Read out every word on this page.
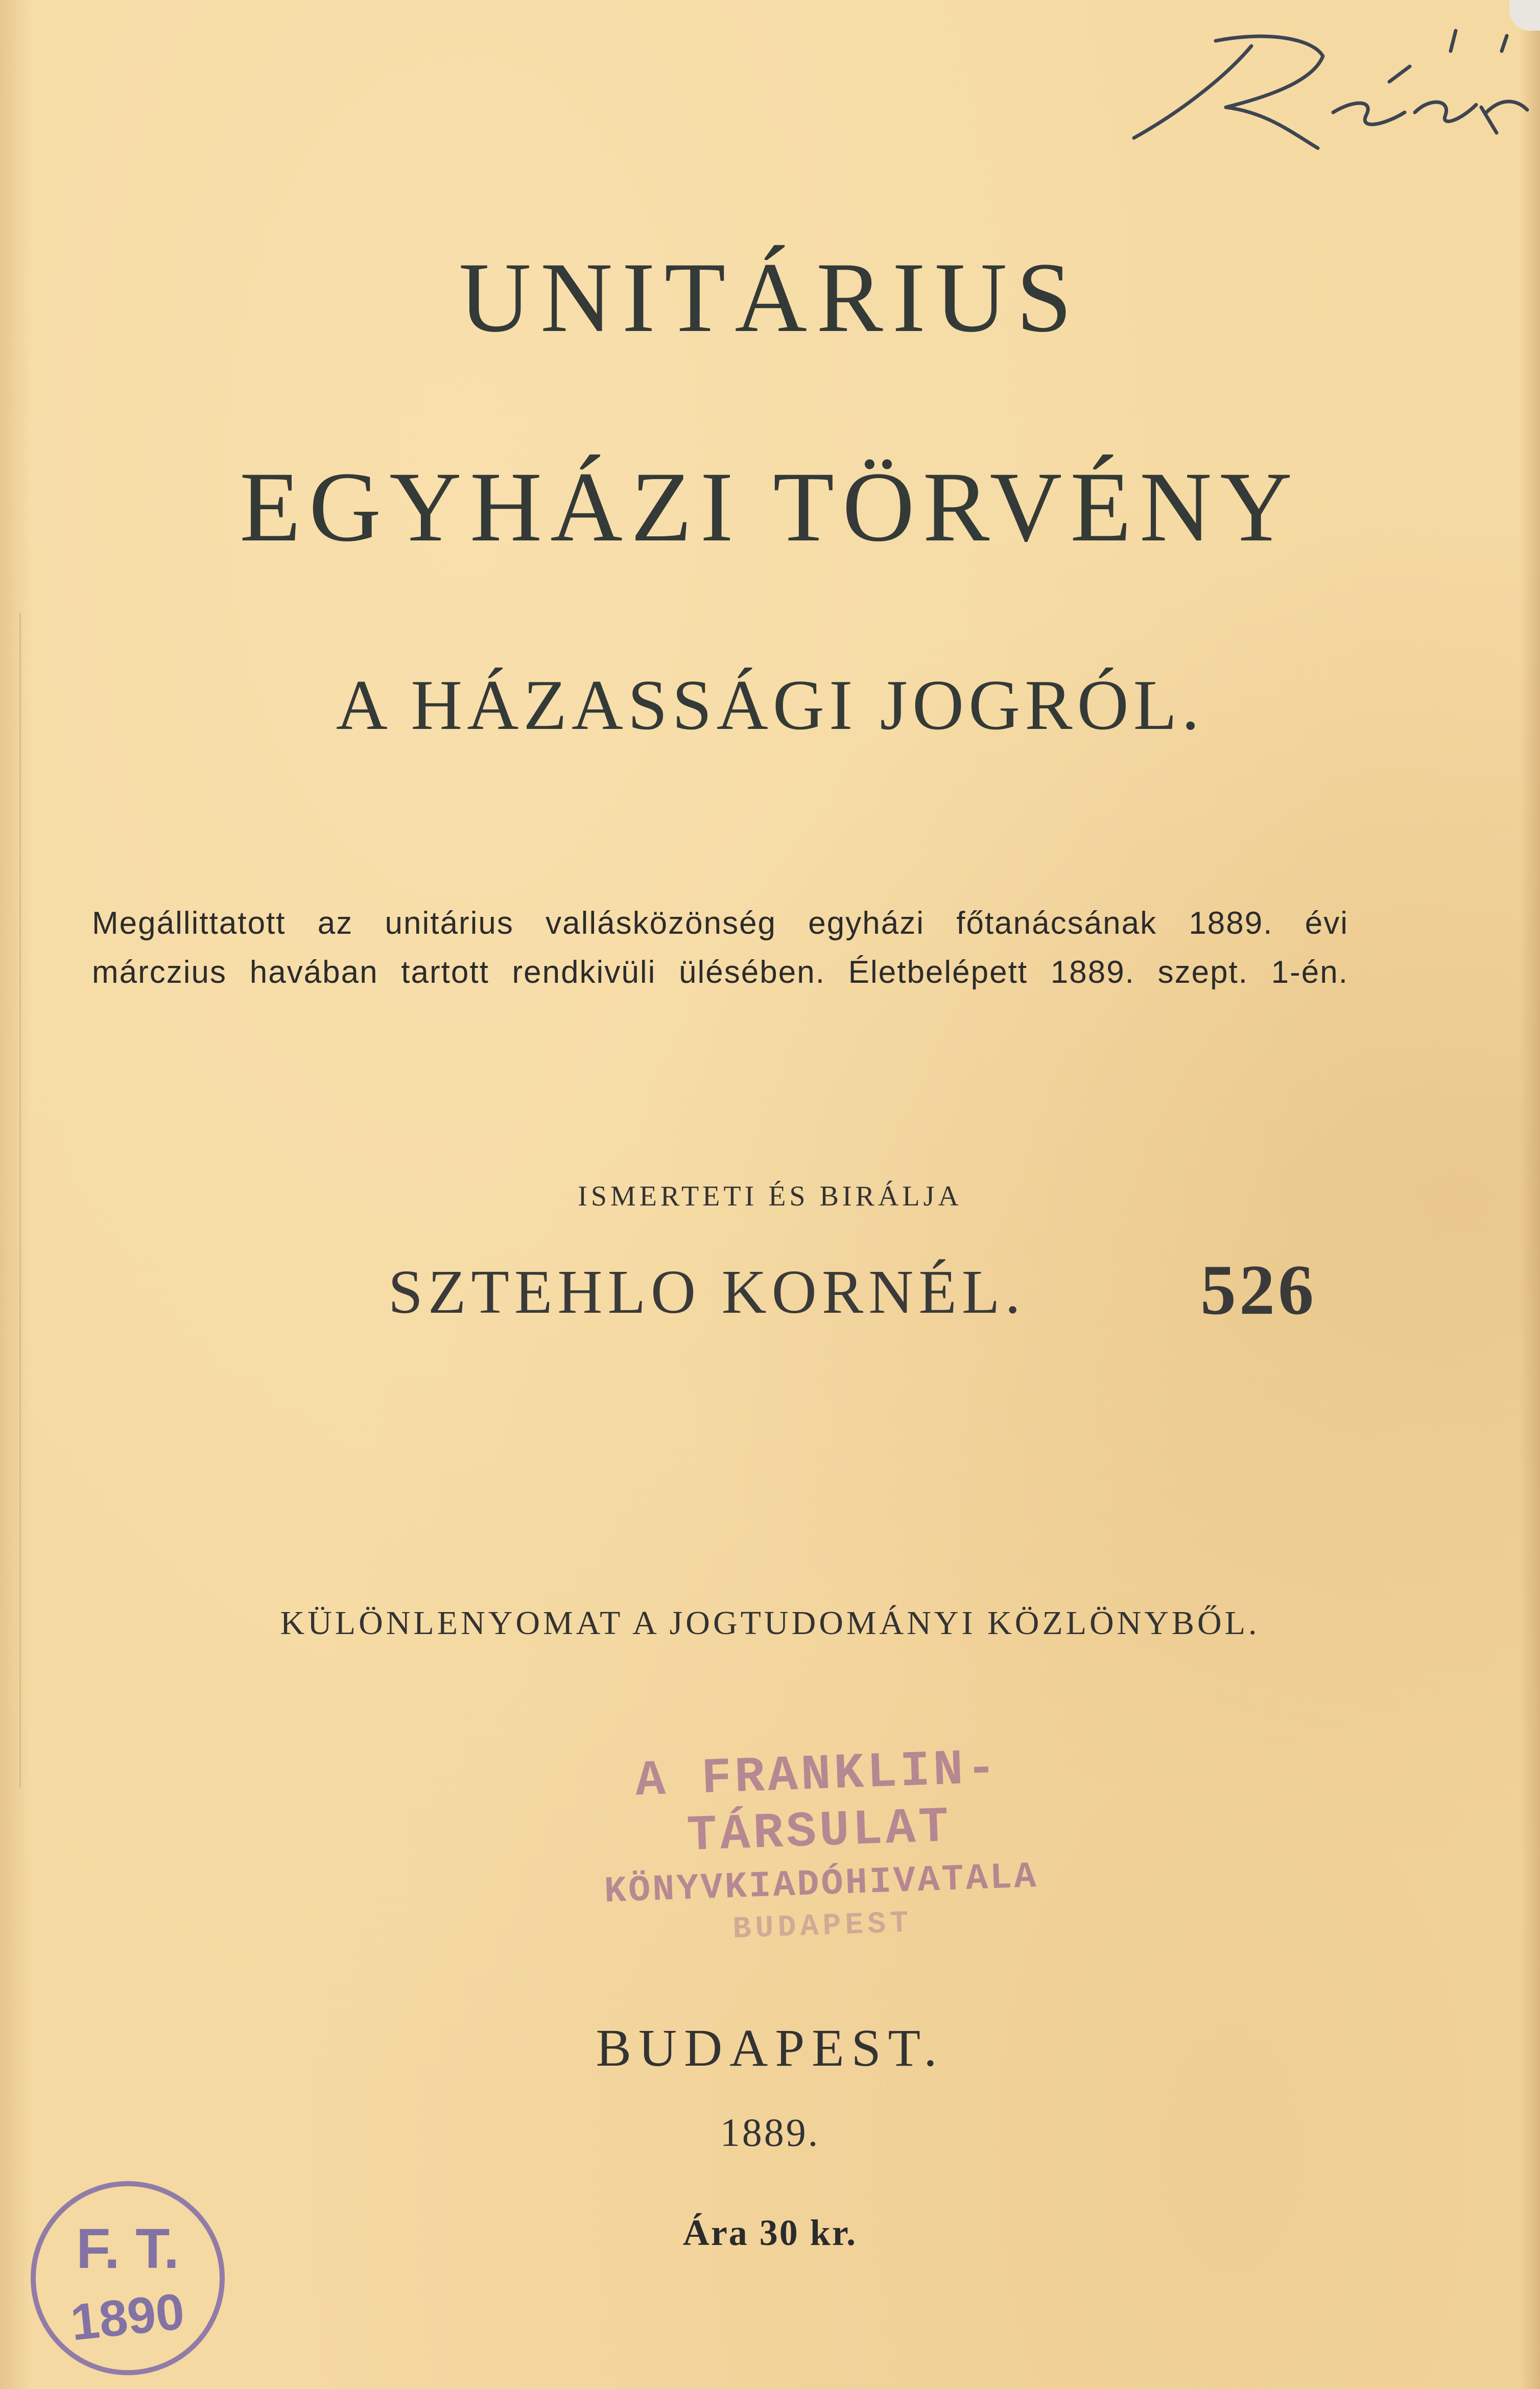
UNITÁRIUS
EGYHÁZI TÖRVÉNY
A HÁZASSÁGI JOGRÓL.
Megállittatott az unitárius vallásközönség egyházi főtanácsának 1889. évi
márczius havában tartott rendkivüli ülésében. Életbelépett 1889. szept. 1-én.
ISMERTETI ÉS BIRÁLJA
SZTEHLO KORNÉL. 526
KÜLÖNLENYOMAT A JOGTUDOMÁNYI KÖZLÖNYBŐL.
A FRANKLIN-TÁRSULAT
KÖNYVKIADÓHIVATALA
BUDAPEST
BUDAPEST.
1889.
Ára 30 kr.
F. T.
1890
